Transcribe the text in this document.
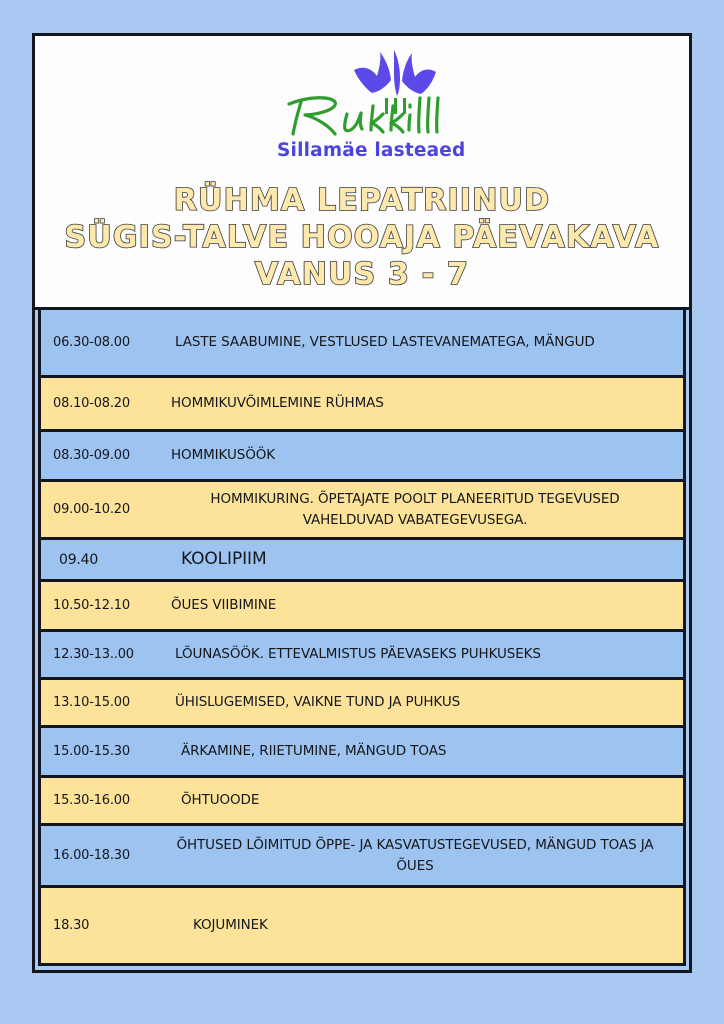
Sillamäe lasteaed
RÜHMA LEPATRIINUD
SÜGIS-TALVE HOOAJA PÄEVAKAVA
VANUS 3 - 7
06.30-08.00	LASTE SAABUMINE, VESTLUSED LASTEVANEMATEGA, MÄNGUD
08.10-08.20	HOMMIKUVÕIMLEMINE RÜHMAS
08.30-09.00	HOMMIKUSÖÖK
09.00-10.20
HOMMIKURING. ÕPETAJATE POOLT PLANEERITUD TEGEVUSED VAHELDUVAD VABATEGEVUSEGA.
09.40	KOOLIPIIM
10.50-12.10	ÕUES VIIBIMINE
12.30-13..00	LÕUNASÖÖK. ETTEVALMISTUS PÄEVASEKS PUHKUSEKS
13.10-15.00	ÜHISLUGEMISED, VAIKNE TUND JA PUHKUS
15.00-15.30	ÄRKAMINE, RIIETUMINE, MÄNGUD TOAS
15.30-16.00	ÕHTUOODE
16.00-18.30
ÕHTUSED LÕIMITUD ÕPPE- JA KASVATUSTEGEVUSED, MÄNGUD TOAS JA ÕUES
18.30	KOJUMINEK
